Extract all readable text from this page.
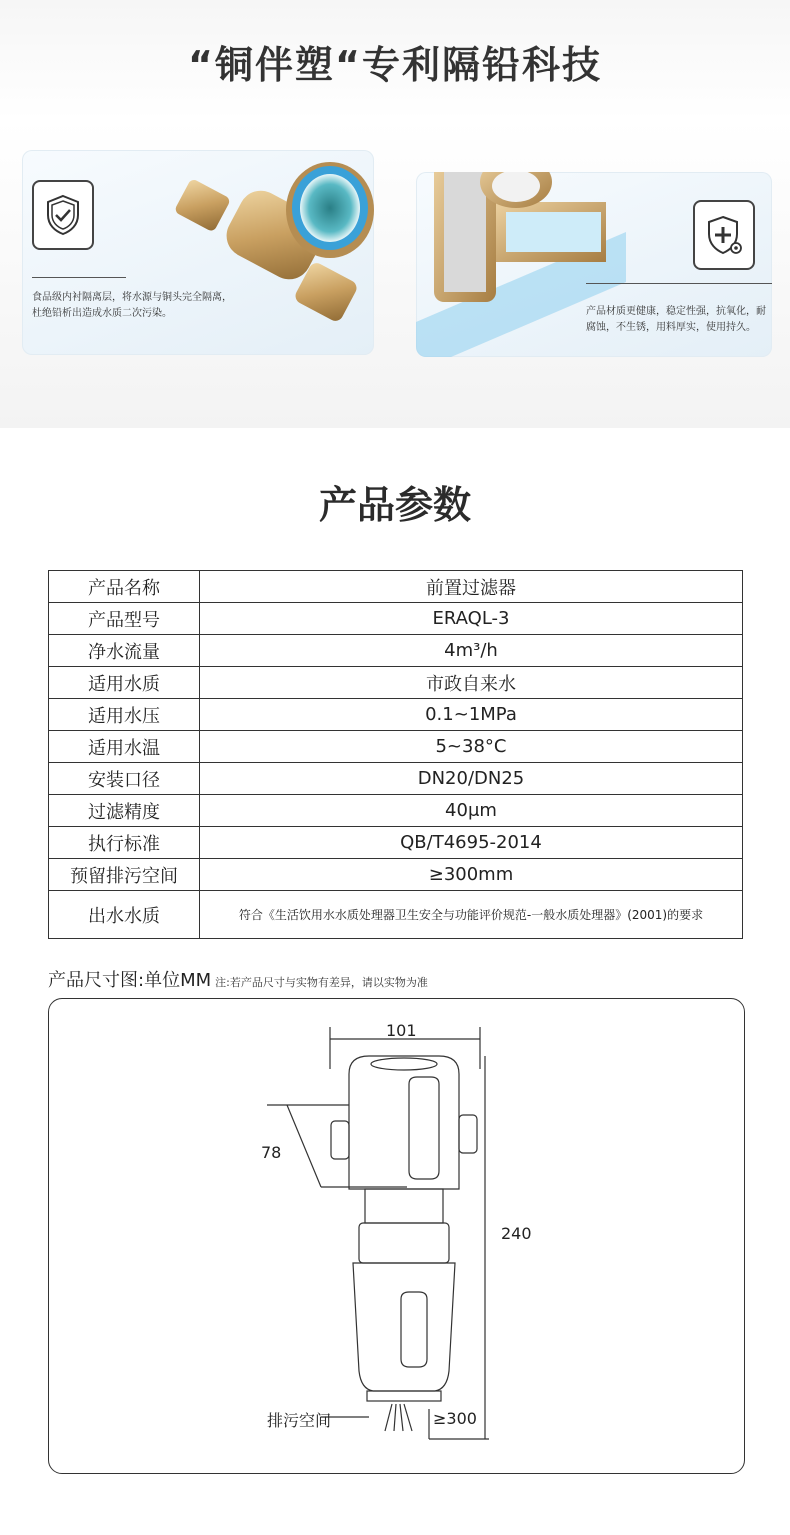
“铜伴塑“专利隔铅科技
食品级内衬隔离层，将水源与铜头完全隔离，杜绝铅析出造成水质二次污染。	产品材质更健康，稳定性强，抗氧化，耐腐蚀，不生锈，用料厚实，使用持久。
产品参数
产品名称	前置过滤器
产品型号	ERAQL-3
净水流量	4m³/h
适用水质	市政自来水
适用水压	0.1~1MPa
适用水温	5~38°C
安装口径	DN20/DN25
过滤精度	40μm
执行标准	QB/T4695-2014
预留排污空间	≥300mm
出水水质	符合《生活饮用水水质处理器卫生安全与功能评价规范-一般水质处理器》(2001)的要求
产品尺寸图:单位MM 注:若产品尺寸与实物有差异，请以实物为准
101
78
240
排污空间	≥300
